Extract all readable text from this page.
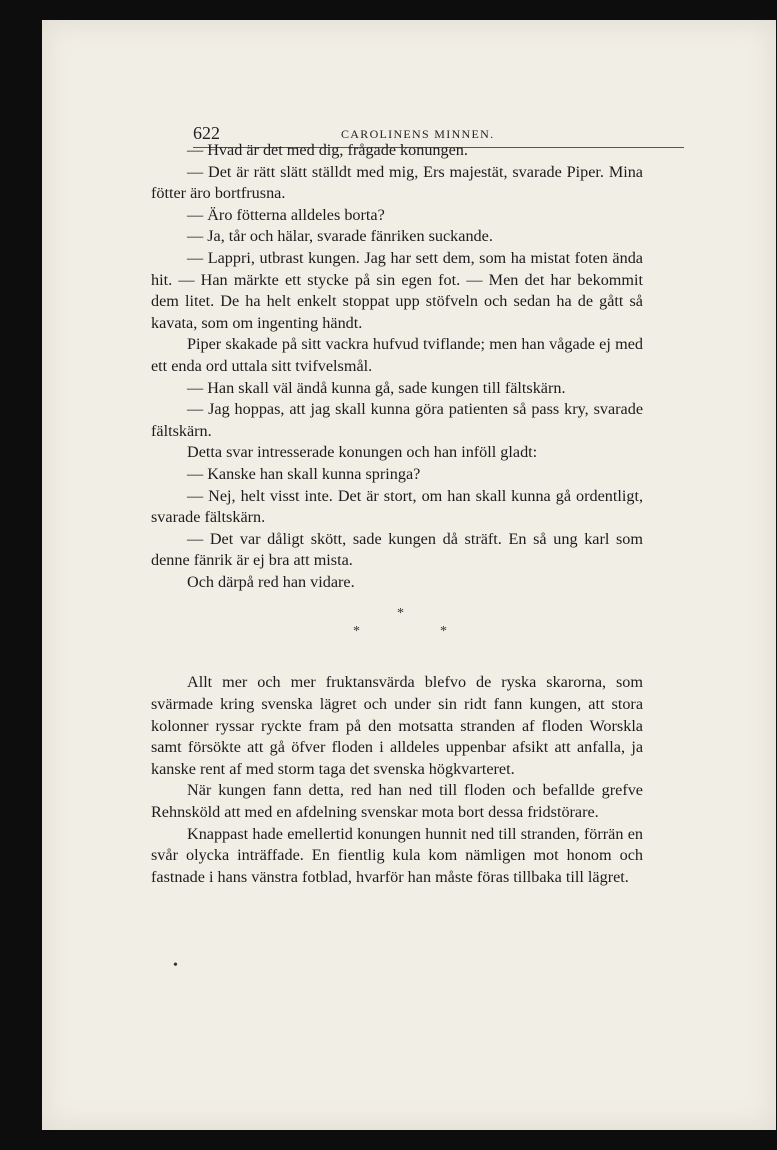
622	CAROLINENS MINNEN.

— Hvad är det med dig, frågade konungen.

— Det är rätt slätt ställdt med mig, Ers majestät, svarade Piper. Mina fötter äro bortfrusna.

— Äro fötterna alldeles borta?

— Ja, tår och hälar, svarade fänriken suckande.

— Lappri, utbrast kungen. Jag har sett dem, som ha mistat foten ända hit. — Han märkte ett stycke på sin egen fot. — Men det har bekommit dem litet. De ha helt enkelt stoppat upp stöfveln och sedan ha de gått så kavata, som om ingenting händt.

Piper skakade på sitt vackra hufvud tviflande; men han vågade ej med ett enda ord uttala sitt tvifvelsmål.

— Han skall väl ändå kunna gå, sade kungen till fältskärn.

— Jag hoppas, att jag skall kunna göra patienten så pass kry, svarade fältskärn.

Detta svar intresserade konungen och han inföll gladt:

— Kanske han skall kunna springa?

— Nej, helt visst inte. Det är stort, om han skall kunna gå ordentligt, svarade fältskärn.

— Det var dåligt skött, sade kungen då sträft. En så ung karl som denne fänrik är ej bra att mista.

Och därpå red han vidare.

*
*	*

Allt mer och mer fruktansvärda blefvo de ryska skarorna, som svärmade kring svenska lägret och under sin ridt fann kungen, att stora kolonner ryssar ryckte fram på den motsatta stranden af floden Worskla samt försökte att gå öfver floden i alldeles uppenbar afsikt att anfalla, ja kanske rent af med storm taga det svenska högkvarteret.

När kungen fann detta, red han ned till floden och befallde grefve Rehnsköld att med en afdelning svenskar mota bort dessa fridstörare.

Knappast hade emellertid konungen hunnit ned till stranden, förrän en svår olycka inträffade. En fientlig kula kom nämligen mot honom och fastnade i hans vänstra fotblad, hvarför han måste föras tillbaka till lägret.

•
